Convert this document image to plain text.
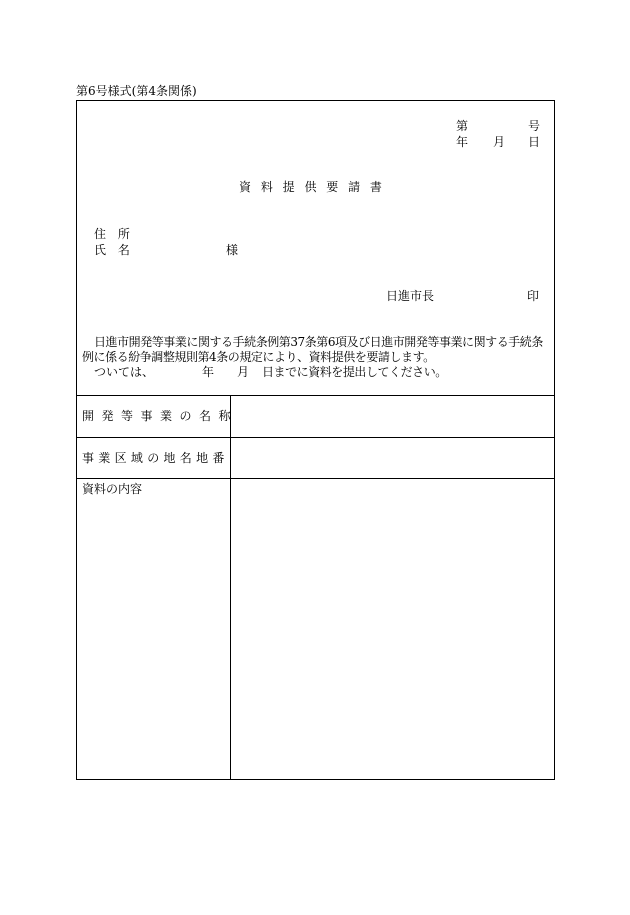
第6号様式(第4条関係)
第	号
年 月 日
資 料 提 供 要 請 書
住 所
氏 名	様
日進市長	印
日進市開発等事業に関する手続条例第37条第6項及び日進市開発等事業に関する手続条
例に係る紛争調整規則第4条の規定により、資料提供を要請します。
ついては、	年 月 日までに資料を提出してください。
開発等事業の名称
事業区域の地名地番
資料の内容
